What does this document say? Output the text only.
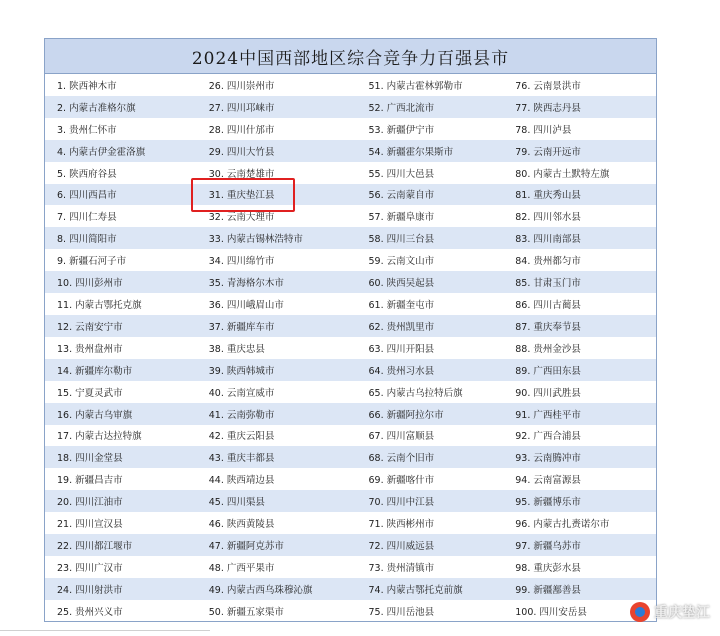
2024中国西部地区综合竞争力百强县市
1. 陕西神木市	26. 四川崇州市	51. 内蒙古霍林郭勒市	76. 云南景洪市
2. 内蒙古准格尔旗	27. 四川邛崃市	52. 广西北流市	77. 陕西志丹县
3. 贵州仁怀市	28. 四川什邡市	53. 新疆伊宁市	78. 四川泸县
4. 内蒙古伊金霍洛旗	29. 四川大竹县	54. 新疆霍尔果斯市	79. 云南开远市
5. 陕西府谷县	30. 云南楚雄市	55. 四川大邑县	80. 内蒙古土默特左旗
6. 四川西昌市	31. 重庆垫江县	56. 云南蒙自市	81. 重庆秀山县
7. 四川仁寿县	32. 云南大理市	57. 新疆阜康市	82. 四川邻水县
8. 四川简阳市	33. 内蒙古锡林浩特市	58. 四川三台县	83. 四川南部县
9. 新疆石河子市	34. 四川绵竹市	59. 云南文山市	84. 贵州都匀市
10. 四川彭州市	35. 青海格尔木市	60. 陕西吴起县	85. 甘肃玉门市
11. 内蒙古鄂托克旗	36. 四川峨眉山市	61. 新疆奎屯市	86. 四川古蔺县
12. 云南安宁市	37. 新疆库车市	62. 贵州凯里市	87. 重庆奉节县
13. 贵州盘州市	38. 重庆忠县	63. 四川开阳县	88. 贵州金沙县
14. 新疆库尔勒市	39. 陕西韩城市	64. 贵州习水县	89. 广西田东县
15. 宁夏灵武市	40. 云南宣威市	65. 内蒙古乌拉特后旗	90. 四川武胜县
16. 内蒙古乌审旗	41. 云南弥勒市	66. 新疆阿拉尔市	91. 广西桂平市
17. 内蒙古达拉特旗	42. 重庆云阳县	67. 四川富顺县	92. 广西合浦县
18. 四川金堂县	43. 重庆丰都县	68. 云南个旧市	93. 云南腾冲市
19. 新疆昌吉市	44. 陕西靖边县	69. 新疆喀什市	94. 云南富源县
20. 四川江油市	45. 四川渠县	70. 四川中江县	95. 新疆博乐市
21. 四川宣汉县	46. 陕西黄陵县	71. 陕西彬州市	96. 内蒙古扎赉诺尔市
22. 四川都江堰市	47. 新疆阿克苏市	72. 四川威远县	97. 新疆乌苏市
23. 四川广汉市	48. 广西平果市	73. 贵州清镇市	98. 重庆彭水县
24. 四川射洪市	49. 内蒙古西乌珠穆沁旗	74. 内蒙古鄂托克前旗	99. 新疆鄯善县
25. 贵州兴义市	50. 新疆五家渠市	75. 四川岳池县	100. 四川安岳县	重庆垫江
